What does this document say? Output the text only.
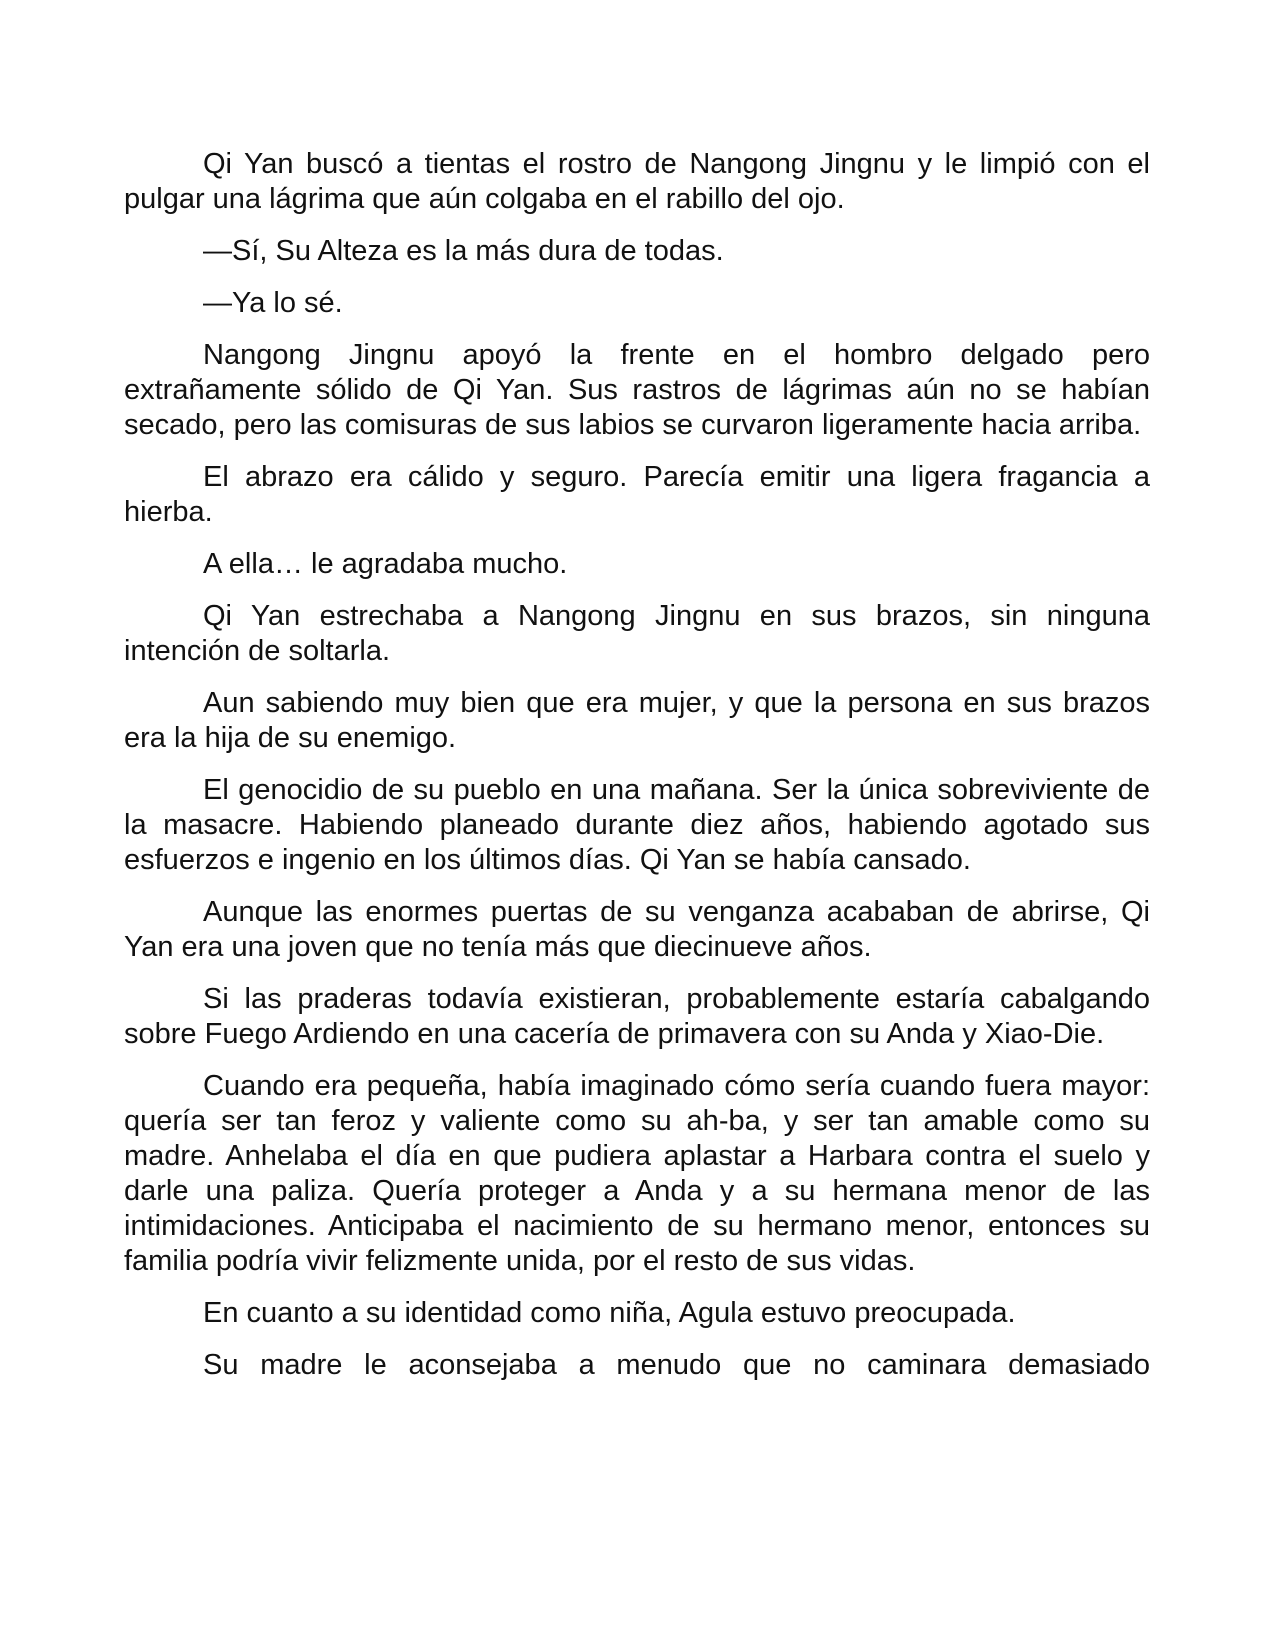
Qi Yan buscó a tientas el rostro de Nangong Jingnu y le limpió con el pulgar una lágrima que aún colgaba en el rabillo del ojo.

—Sí, Su Alteza es la más dura de todas.

—Ya lo sé.

Nangong Jingnu apoyó la frente en el hombro delgado pero extrañamente sólido de Qi Yan. Sus rastros de lágrimas aún no se habían secado, pero las comisuras de sus labios se curvaron ligeramente hacia arriba.

El abrazo era cálido y seguro. Parecía emitir una ligera fragancia a hierba.

A ella… le agradaba mucho.

Qi Yan estrechaba a Nangong Jingnu en sus brazos, sin ninguna intención de soltarla.

Aun sabiendo muy bien que era mujer, y que la persona en sus brazos era la hija de su enemigo.

El genocidio de su pueblo en una mañana. Ser la única sobreviviente de la masacre. Habiendo planeado durante diez años, habiendo agotado sus esfuerzos e ingenio en los últimos días. Qi Yan se había cansado.

Aunque las enormes puertas de su venganza acababan de abrirse, Qi Yan era una joven que no tenía más que diecinueve años.

Si las praderas todavía existieran, probablemente estaría cabalgando sobre Fuego Ardiendo en una cacería de primavera con su Anda y Xiao-Die.

Cuando era pequeña, había imaginado cómo sería cuando fuera mayor: quería ser tan feroz y valiente como su ah-ba, y ser tan amable como su madre. Anhelaba el día en que pudiera aplastar a Harbara contra el suelo y darle una paliza. Quería proteger a Anda y a su hermana menor de las intimidaciones. Anticipaba el nacimiento de su hermano menor, entonces su familia podría vivir felizmente unida, por el resto de sus vidas.

En cuanto a su identidad como niña, Agula estuvo preocupada.

Su madre le aconsejaba a menudo que no caminara demasiado
